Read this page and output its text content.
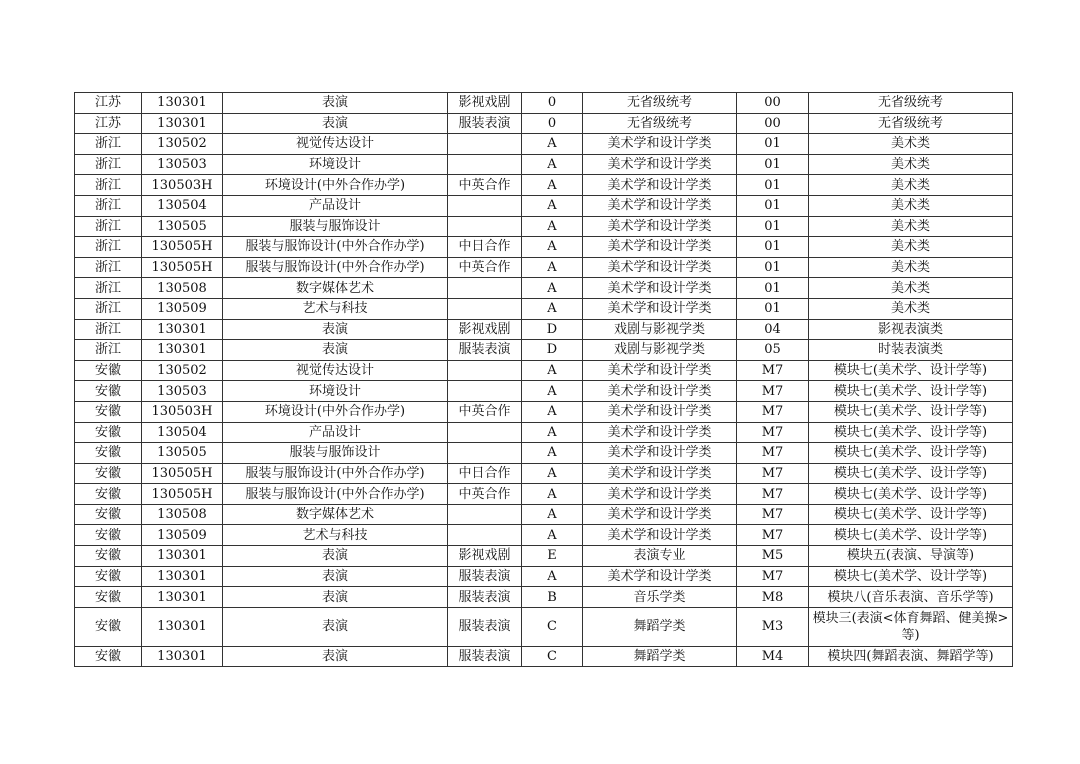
江苏	130301	表演	影视戏剧	0	无省级统考	00	无省级统考
江苏	130301	表演	服装表演	0	无省级统考	00	无省级统考
浙江	130502	视觉传达设计		A	美术学和设计学类	01	美术类
浙江	130503	环境设计		A	美术学和设计学类	01	美术类
浙江	130503H	环境设计(中外合作办学)	中英合作	A	美术学和设计学类	01	美术类
浙江	130504	产品设计		A	美术学和设计学类	01	美术类
浙江	130505	服装与服饰设计		A	美术学和设计学类	01	美术类
浙江	130505H	服装与服饰设计(中外合作办学)	中日合作	A	美术学和设计学类	01	美术类
浙江	130505H	服装与服饰设计(中外合作办学)	中英合作	A	美术学和设计学类	01	美术类
浙江	130508	数字媒体艺术		A	美术学和设计学类	01	美术类
浙江	130509	艺术与科技		A	美术学和设计学类	01	美术类
浙江	130301	表演	影视戏剧	D	戏剧与影视学类	04	影视表演类
浙江	130301	表演	服装表演	D	戏剧与影视学类	05	时装表演类
安徽	130502	视觉传达设计		A	美术学和设计学类	M7	模块七(美术学、设计学等)
安徽	130503	环境设计		A	美术学和设计学类	M7	模块七(美术学、设计学等)
安徽	130503H	环境设计(中外合作办学)	中英合作	A	美术学和设计学类	M7	模块七(美术学、设计学等)
安徽	130504	产品设计		A	美术学和设计学类	M7	模块七(美术学、设计学等)
安徽	130505	服装与服饰设计		A	美术学和设计学类	M7	模块七(美术学、设计学等)
安徽	130505H	服装与服饰设计(中外合作办学)	中日合作	A	美术学和设计学类	M7	模块七(美术学、设计学等)
安徽	130505H	服装与服饰设计(中外合作办学)	中英合作	A	美术学和设计学类	M7	模块七(美术学、设计学等)
安徽	130508	数字媒体艺术		A	美术学和设计学类	M7	模块七(美术学、设计学等)
安徽	130509	艺术与科技		A	美术学和设计学类	M7	模块七(美术学、设计学等)
安徽	130301	表演	影视戏剧	E	表演专业	M5	模块五(表演、导演等)
安徽	130301	表演	服装表演	A	美术学和设计学类	M7	模块七(美术学、设计学等)
安徽	130301	表演	服装表演	B	音乐学类	M8	模块八(音乐表演、音乐学等)
安徽	130301	表演	服装表演	C	舞蹈学类	M3	模块三(表演<体育舞蹈、健美操>等)
安徽	130301	表演	服装表演	C	舞蹈学类	M4	模块四(舞蹈表演、舞蹈学等)
